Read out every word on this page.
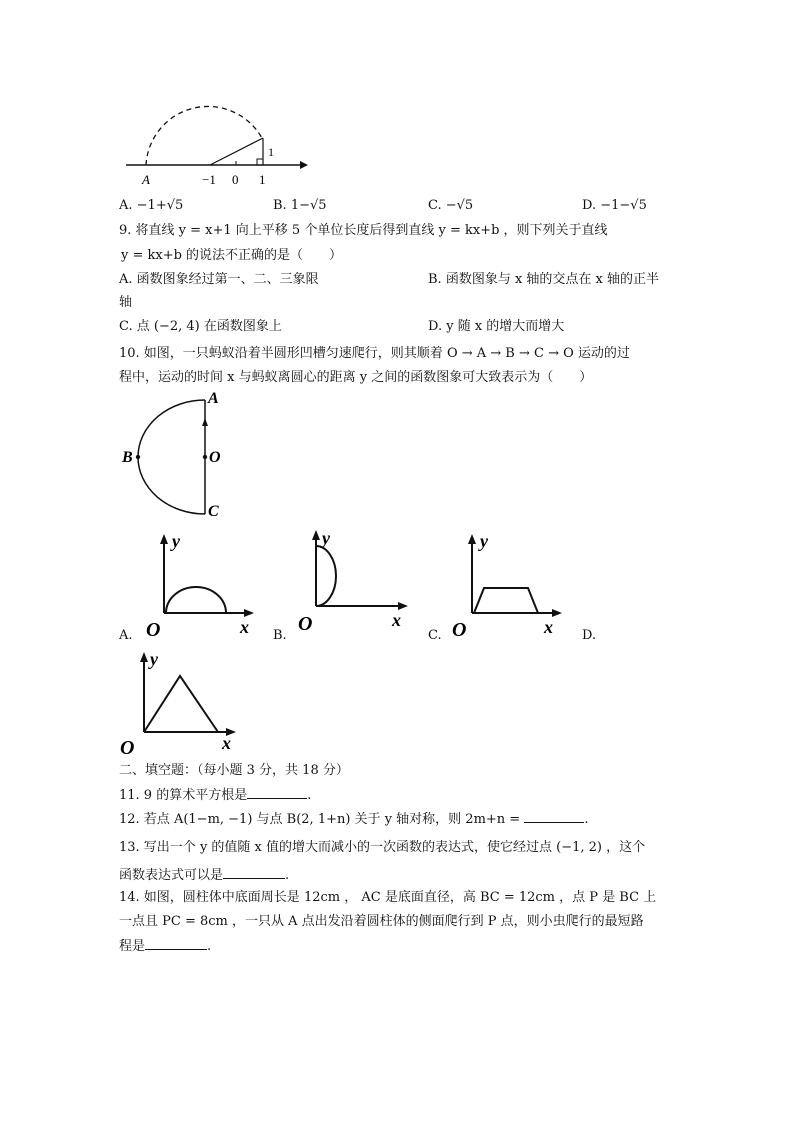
A	−1 0 1
1
A. −1+√5	B. 1−√5	C. −√5	D. −1−√5
9. 将直线 y = x+1 向上平移 5 个单位长度后得到直线 y = kx+b ，则下列关于直线
y = kx+b 的说法不正确的是（　　）
A. 函数图象经过第一、二、三象限	B. 函数图象与 x 轴的交点在 x 轴的正半
轴
C. 点 (−2, 4) 在函数图象上	D. y 随 x 的增大而增大
10. 如图，一只蚂蚁沿着半圆形凹槽匀速爬行，则其顺着 O → A → B → C → O 运动的过
程中，运动的时间 x 与蚂蚁离圆心的距离 y 之间的函数图象可大致表示为（　　）
A
B	O
C
y
x
O
y
x
O
y
x
O
A.	B.	C.	D.
y
x
O
二、填空题：（每小题 3 分，共 18 分）
11. 9 的算术平方根是	.
12. 若点 A(1−m, −1) 与点 B(2, 1+n) 关于 y 轴对称，则 2m+n =	.
13. 写出一个 y 的值随 x 值的增大而减小的一次函数的表达式，使它经过点 (−1, 2) ，这个
函数表达式可以是	.
14. 如图，圆柱体中底面周长是 12cm ， AC 是底面直径，高 BC = 12cm ，点 P 是 BC 上
一点且 PC = 8cm ，一只从 A 点出发沿着圆柱体的侧面爬行到 P 点，则小虫爬行的最短路
程是	.
